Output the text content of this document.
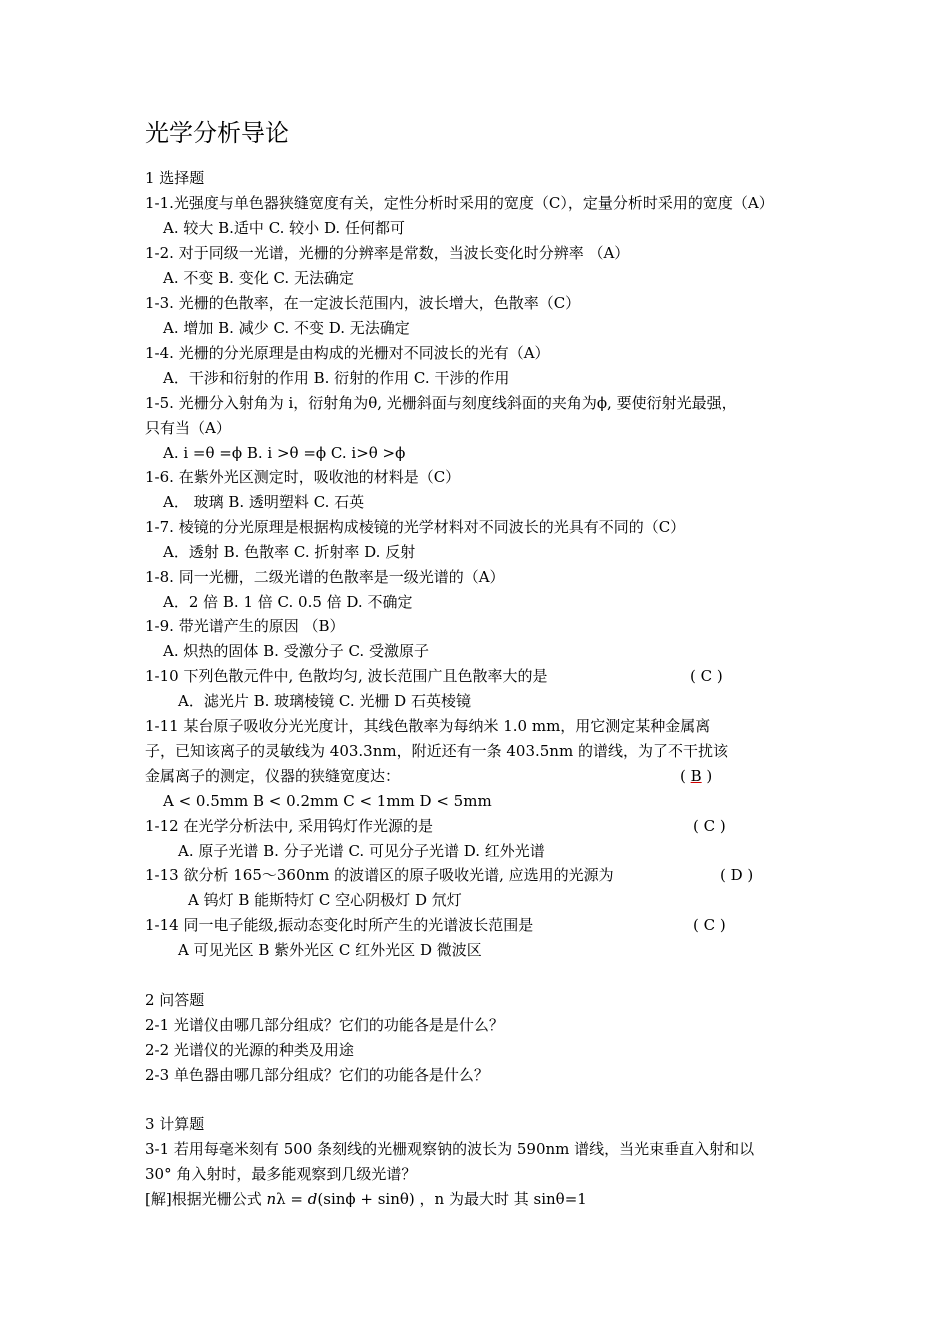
光学分析导论
1 选择题
1-1.光强度与单色器狭缝宽度有关，定性分析时采用的宽度（C），定量分析时采用的宽度（A）
A. 较大 B.适中 C. 较小 D. 任何都可
1-2. 对于同级一光谱，光栅的分辨率是常数，当波长变化时分辨率 （A）
A. 不变 B. 变化 C. 无法确定
1-3. 光栅的色散率，在一定波长范围内，波长增大，色散率（C）
A. 增加 B. 减少 C. 不变 D. 无法确定
1-4. 光栅的分光原理是由构成的光栅对不同波长的光有（A）
A．干涉和衍射的作用 B. 衍射的作用 C. 干涉的作用
1-5. 光栅分入射角为 i，衍射角为θ, 光栅斜面与刻度线斜面的夹角为ϕ, 要使衍射光最强，
只有当（A）
A. i =θ =ϕ B. i >θ =ϕ C. i>θ >ϕ
1-6. 在紫外光区测定时，吸收池的材料是（C）
A． 玻璃 B. 透明塑料 C. 石英
1-7. 棱镜的分光原理是根据构成棱镜的光学材料对不同波长的光具有不同的（C）
A．透射 B. 色散率 C. 折射率 D. 反射
1-8. 同一光栅，二级光谱的色散率是一级光谱的（A）
A．2 倍 B. 1 倍 C. 0.5 倍 D. 不确定
1-9. 带光谱产生的原因 （B）
A. 炽热的固体 B. 受激分子 C. 受激原子
1-10 下列色散元件中, 色散均匀, 波长范围广且色散率大的是	( C )
A．滤光片 B. 玻璃棱镜 C. 光栅 D 石英棱镜
1-11 某台原子吸收分光光度计，其线色散率为每纳米 1.0 mm，用它测定某种金属离
子，已知该离子的灵敏线为 403.3nm，附近还有一条 403.5nm 的谱线，为了不干扰该
金属离子的测定，仪器的狭缝宽度达：	( B )
A < 0.5mm B < 0.2mm C < 1mm D < 5mm
1-12 在光学分析法中, 采用钨灯作光源的是	( C )
A. 原子光谱 B. 分子光谱 C. 可见分子光谱 D. 红外光谱
1-13 欲分析 165～360nm 的波谱区的原子吸收光谱, 应选用的光源为	( D )
A 钨灯 B 能斯特灯 C 空心阴极灯 D 氘灯
1-14 同一电子能级,振动态变化时所产生的光谱波长范围是	( C )
A 可见光区 B 紫外光区 C 红外光区 D 微波区
2 问答题
2-1 光谱仪由哪几部分组成？它们的功能各是是什么？
2-2 光谱仪的光源的种类及用途
2-3 单色器由哪几部分组成？它们的功能各是什么？
3 计算题
3-1 若用每毫米刻有 500 条刻线的光栅观察钠的波长为 590nm 谱线，当光束垂直入射和以
30° 角入射时，最多能观察到几级光谱？
[解]根据光栅公式 nλ = d(sinϕ + sinθ) ，n 为最大时 其 sinθ=1
